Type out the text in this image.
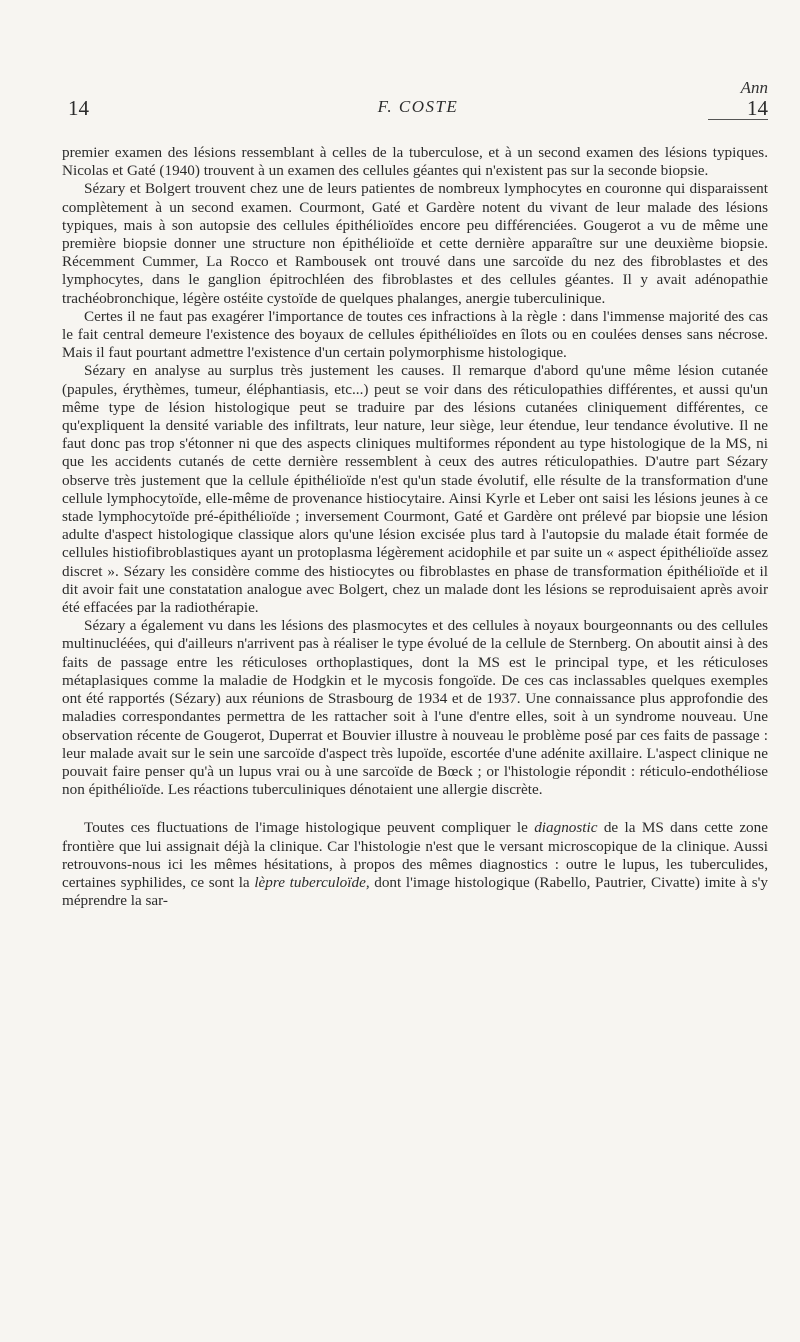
Ann
14	F. COSTE	14

premier examen des lésions ressemblant à celles de la tuberculose, et à un second examen des lésions typiques. Nicolas et Gaté (1940) trouvent à un examen des cellules géantes qui n'existent pas sur la seconde biopsie.

Sézary et Bolgert trouvent chez une de leurs patientes de nombreux lymphocytes en couronne qui disparaissent complètement à un second examen. Courmont, Gaté et Gardère notent du vivant de leur malade des lésions typiques, mais à son autopsie des cellules épithélioïdes encore peu différenciées. Gougerot a vu de même une première biopsie donner une structure non épithélioïde et cette dernière apparaître sur une deuxième biopsie. Récemment Cummer, La Rocco et Rambousek ont trouvé dans une sarcoïde du nez des fibroblastes et des lymphocytes, dans le ganglion épitrochléen des fibroblastes et des cellules géantes. Il y avait adénopathie trachéobronchique, légère ostéite cystoïde de quelques phalanges, anergie tuberculinique.

Certes il ne faut pas exagérer l'importance de toutes ces infractions à la règle : dans l'immense majorité des cas le fait central demeure l'existence des boyaux de cellules épithélioïdes en îlots ou en coulées denses sans nécrose. Mais il faut pourtant admettre l'existence d'un certain polymorphisme histologique.

Sézary en analyse au surplus très justement les causes. Il remarque d'abord qu'une même lésion cutanée (papules, érythèmes, tumeur, éléphantiasis, etc...) peut se voir dans des réticulopathies différentes, et aussi qu'un même type de lésion histologique peut se traduire par des lésions cutanées cliniquement différentes, ce qu'expliquent la densité variable des infiltrats, leur nature, leur siège, leur étendue, leur tendance évolutive. Il ne faut donc pas trop s'étonner ni que des aspects cliniques multiformes répondent au type histologique de la MS, ni que les accidents cutanés de cette dernière ressemblent à ceux des autres réticulopathies. D'autre part Sézary observe très justement que la cellule épithélioïde n'est qu'un stade évolutif, elle résulte de la transformation d'une cellule lymphocytoïde, elle-même de provenance histiocytaire. Ainsi Kyrle et Leber ont saisi les lésions jeunes à ce stade lymphocytoïde pré-épithélioïde ; inversement Courmont, Gaté et Gardère ont prélevé par biopsie une lésion adulte d'aspect histologique classique alors qu'une lésion excisée plus tard à l'autopsie du malade était formée de cellules histiofibroblastiques ayant un protoplasma légèrement acidophile et par suite un « aspect épithélioïde assez discret ». Sézary les considère comme des histiocytes ou fibroblastes en phase de transformation épithélioïde et il dit avoir fait une constatation analogue avec Bolgert, chez un malade dont les lésions se reproduisaient après avoir été effacées par la radiothérapie.

Sézary a également vu dans les lésions des plasmocytes et des cellules à noyaux bourgeonnants ou des cellules multinucléées, qui d'ailleurs n'arrivent pas à réaliser le type évolué de la cellule de Sternberg. On aboutit ainsi à des faits de passage entre les réticuloses orthoplastiques, dont la MS est le principal type, et les réticuloses métaplasiques comme la maladie de Hodgkin et le mycosis fongoïde. De ces cas inclassables quelques exemples ont été rapportés (Sézary) aux réunions de Strasbourg de 1934 et de 1937. Une connaissance plus approfondie des maladies correspondantes permettra de les rattacher soit à l'une d'entre elles, soit à un syndrome nouveau. Une observation récente de Gougerot, Duperrat et Bouvier illustre à nouveau le problème posé par ces faits de passage : leur malade avait sur le sein une sarcoïde d'aspect très lupoïde, escortée d'une adénite axillaire. L'aspect clinique ne pouvait faire penser qu'à un lupus vrai ou à une sarcoïde de Bœck ; or l'histologie répondit : réticulo-endothéliose non épithélioïde. Les réactions tuberculiniques dénotaient une allergie discrète.

Toutes ces fluctuations de l'image histologique peuvent compliquer le diagnostic de la MS dans cette zone frontière que lui assignait déjà la clinique. Car l'histologie n'est que le versant microscopique de la clinique. Aussi retrouvons-nous ici les mêmes hésitations, à propos des mêmes diagnostics : outre le lupus, les tuberculides, certaines syphilides, ce sont la lèpre tuberculoïde, dont l'image histologique (Rabello, Pautrier, Civatte) imite à s'y méprendre la sar-
